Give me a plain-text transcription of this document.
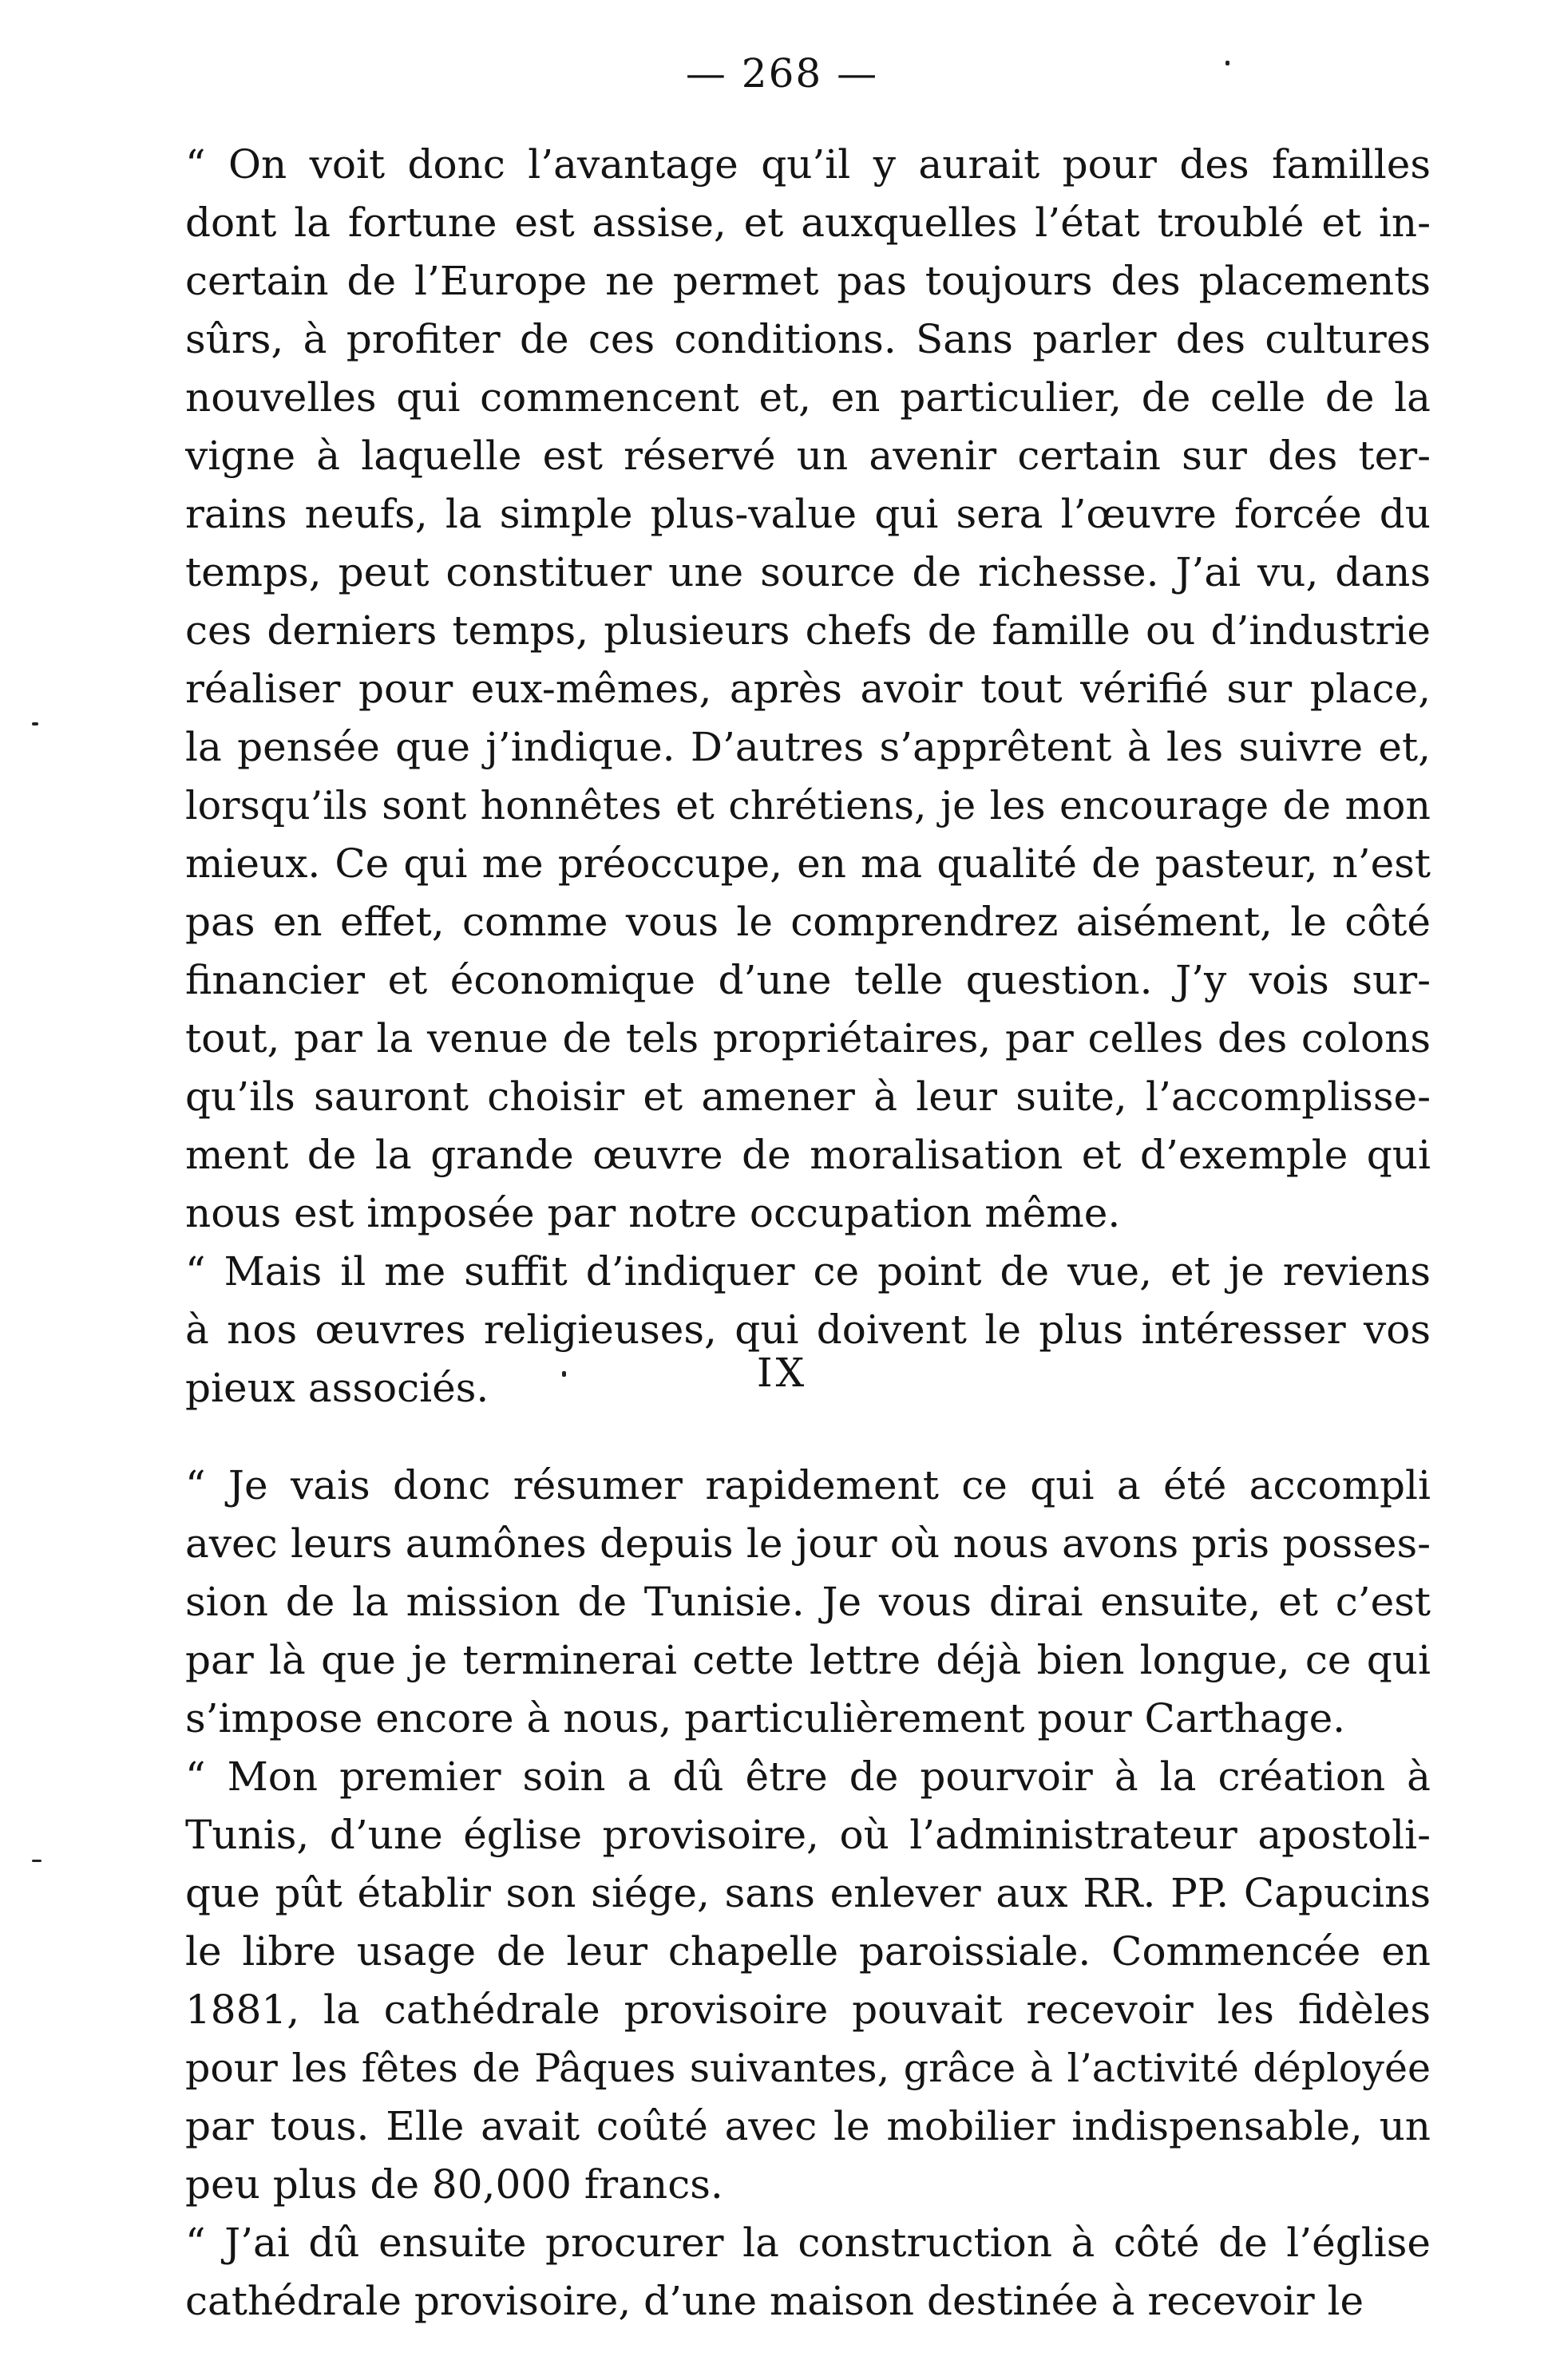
— 268 —
“ On voit donc l’avantage qu’il y aurait pour des familles
dont la fortune est assise, et auxquelles l’état troublé et in-
certain de l’Europe ne permet pas toujours des placements
sûrs, à profiter de ces conditions. Sans parler des cultures
nouvelles qui commencent et, en particulier, de celle de la
vigne à laquelle est réservé un avenir certain sur des ter-
rains neufs, la simple plus-value qui sera l’œuvre forcée du
temps, peut constituer une source de richesse. J’ai vu, dans
ces derniers temps, plusieurs chefs de famille ou d’industrie
réaliser pour eux-mêmes, après avoir tout vérifié sur place,
la pensée que j’indique. D’autres s’apprêtent à les suivre et,
lorsqu’ils sont honnêtes et chrétiens, je les encourage de mon
mieux. Ce qui me préoccupe, en ma qualité de pasteur, n’est
pas en effet, comme vous le comprendrez aisément, le côté
financier et économique d’une telle question. J’y vois sur-
tout, par la venue de tels propriétaires, par celles des colons
qu’ils sauront choisir et amener à leur suite, l’accomplisse-
ment de la grande œuvre de moralisation et d’exemple qui
nous est imposée par notre occupation même.
“ Mais il me suffit d’indiquer ce point de vue, et je reviens
à nos œuvres religieuses, qui doivent le plus intéresser vos
pieux associés.	IX
“ Je vais donc résumer rapidement ce qui a été accompli
avec leurs aumônes depuis le jour où nous avons pris posses-
sion de la mission de Tunisie. Je vous dirai ensuite, et c’est
par là que je terminerai cette lettre déjà bien longue, ce qui
s’impose encore à nous, particulièrement pour Carthage.
“ Mon premier soin a dû être de pourvoir à la création à
Tunis, d’une église provisoire, où l’administrateur apostoli-
que pût établir son siége, sans enlever aux RR. PP. Capucins
le libre usage de leur chapelle paroissiale. Commencée en
1881, la cathédrale provisoire pouvait recevoir les fidèles
pour les fêtes de Pâques suivantes, grâce à l’activité déployée
par tous. Elle avait coûté avec le mobilier indispensable, un
peu plus de 80,000 francs.
“ J’ai dû ensuite procurer la construction à côté de l’église
cathédrale provisoire, d’une maison destinée à recevoir le
